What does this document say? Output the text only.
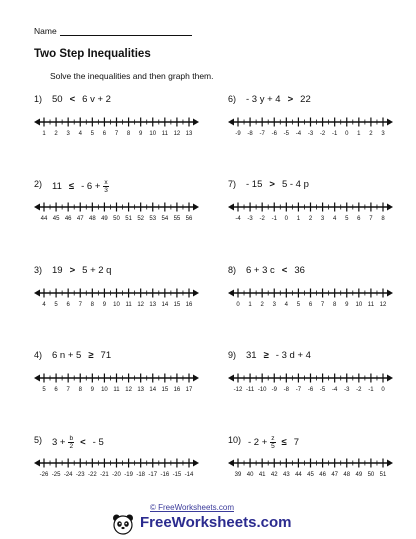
Name
Two Step Inequalities
Solve the inequalities and then graph them.
1) 50 < 6 v + 2
1 2 3 4 5 6 7 8 9 10 11 12 13
6) - 3 y + 4 > 22
-9 -8 -7 -6 -5 -4 -3 -2 -1 0 1 2 3
2) 11 ≤ - $6 + \frac{x}{3}$
44 45 46 47 48 49 50 51 52 53 54 55 56
7) - 15 > 5 - 4 p
-4 -3 -2 -1 0 1 2 3 4 5 6 7 8
3) 19 > 5 + 2 q
4 5 6 7 8 9 10 11 12 13 14 15 16
8) 6 + 3 c < 36
0 1 2 3 4 5 6 7 8 9 10 11 12
4) 6 n + 5 ≥ 71
5 6 7 8 9 10 11 12 13 14 15 16 17
9) 31 ≥ - 3 d + 4
-12 -11 -10 -9 -8 -7 -6 -5 -4 -3 -2 -1 0
5) $3 + \frac{b}{2}$ < - 5
-26 -25 -24 -23 -22 -21 -20 -19 -18 -17 -16 -15 -14
$10) - 2 + \frac{z}{5} \le 7$
39 40 41 42 43 44 45 46 47 48 49 50 51
© FreeWorksheets.com
FreeWorksheets.com
